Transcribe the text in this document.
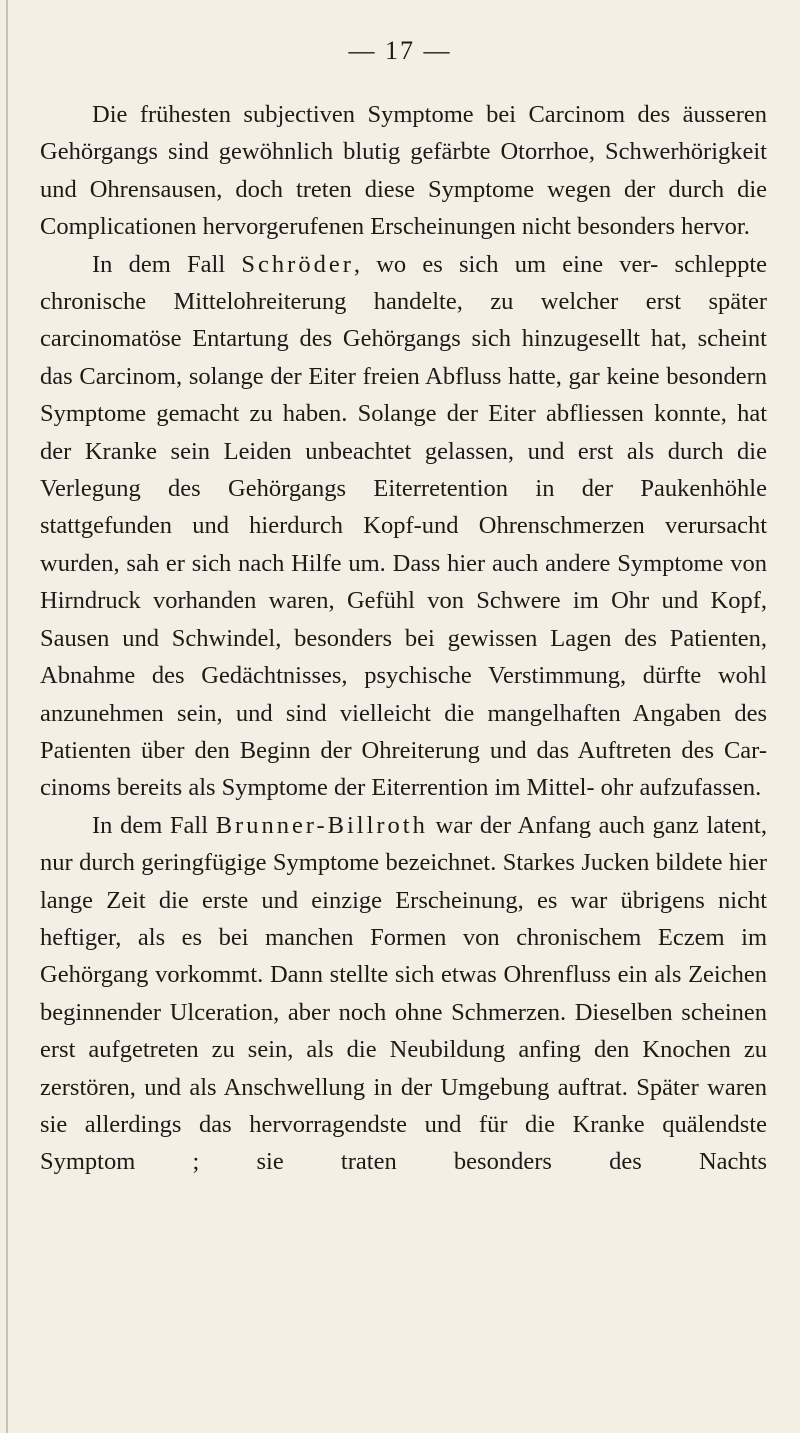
— 17 —

Die frühesten subjectiven Symptome bei Carcinom des äusseren Gehörgangs sind gewöhnlich blutig gefärbte Otorrhoe, Schwerhörigkeit und Ohrensausen, doch treten diese Symptome wegen der durch die Complicationen hervorgerufenen Erscheinungen nicht besonders hervor.

In dem Fall Schröder, wo es sich um eine ver- schleppte chronische Mittelohreiterung handelte, zu welcher erst später carcinomatöse Entartung des Gehörgangs sich hinzugesellt hat, scheint das Carcinom, solange der Eiter freien Abfluss hatte, gar keine besondern Symptome gemacht zu haben. Solange der Eiter abfliessen konnte, hat der Kranke sein Leiden unbeachtet gelassen, und erst als durch die Verlegung des Gehörgangs Eiterretention in der Paukenhöhle stattgefunden und hierdurch Kopf-und Ohrenschmerzen verursacht wurden, sah er sich nach Hilfe um. Dass hier auch andere Symptome von Hirndruck vorhanden waren, Gefühl von Schwere im Ohr und Kopf, Sausen und Schwindel, besonders bei gewissen Lagen des Patienten, Abnahme des Gedächtnisses, psychische Verstimmung, dürfte wohl anzunehmen sein, und sind vielleicht die mangelhaften Angaben des Patienten über den Beginn der Ohreiterung und das Auftreten des Car- cinoms bereits als Symptome der Eiterrention im Mittel- ohr aufzufassen.

In dem Fall Brunner-Billroth war der Anfang auch ganz latent, nur durch geringfügige Symptome bezeichnet. Starkes Jucken bildete hier lange Zeit die erste und einzige Erscheinung, es war übrigens nicht heftiger, als es bei manchen Formen von chronischem Eczem im Gehörgang vorkommt. Dann stellte sich etwas Ohrenfluss ein als Zeichen beginnender Ulceration, aber noch ohne Schmerzen. Dieselben scheinen erst aufgetreten zu sein, als die Neubildung anfing den Knochen zu zerstören, und als Anschwellung in der Umgebung auftrat. Später waren sie allerdings das hervorragendste und für die Kranke quälendste Symptom ; sie traten besonders des Nachts
